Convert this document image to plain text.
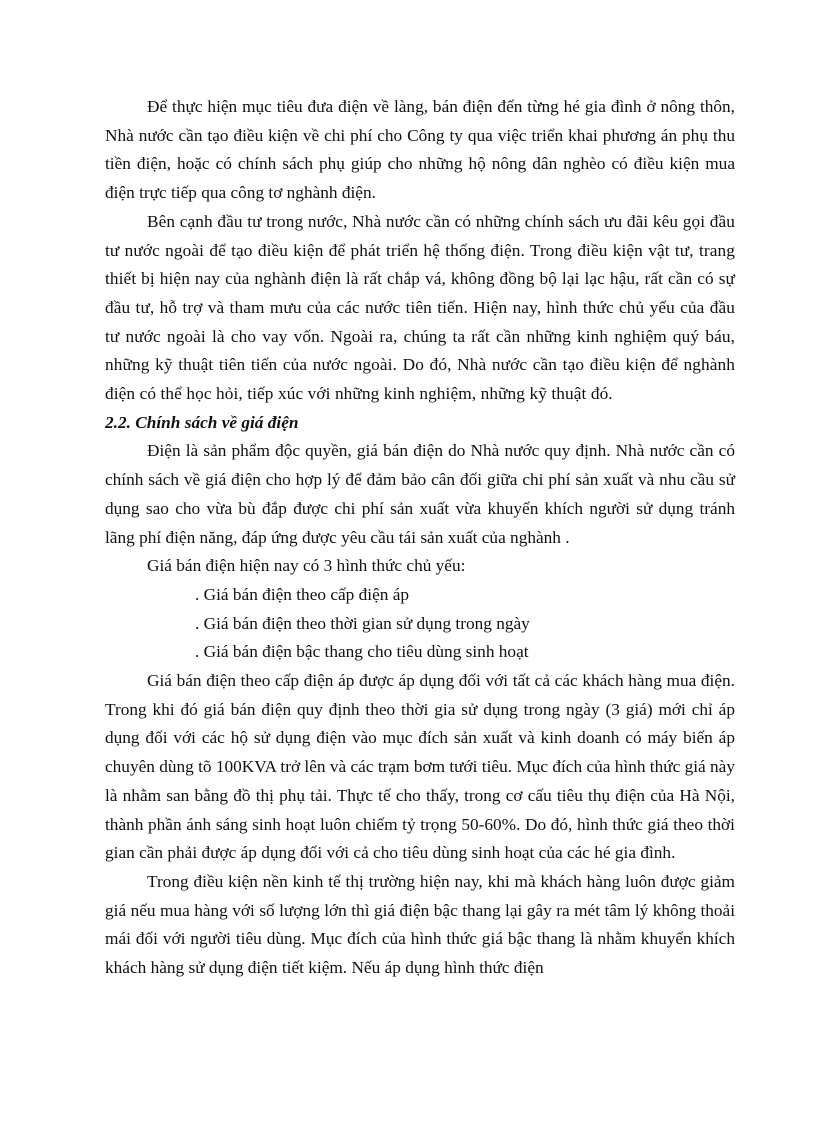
Để thực hiện mục tiêu đưa điện về làng, bán điện đến từng hé gia đình ở nông thôn, Nhà nước cần tạo điều kiện về chi phí cho Công ty qua việc triển khai phương án phụ thu tiền điện, hoặc có chính sách phụ giúp cho những hộ nông dân nghèo có điều kiện mua điện trực tiếp qua công tơ nghành điện.

Bên cạnh đầu tư trong nước, Nhà nước cần có những chính sách ưu đãi kêu gọi đầu tư nước ngoài để tạo điều kiện để phát triển hệ thống điện. Trong điều kiện vật tư, trang thiết bị hiện nay của nghành điện là rất chắp vá, không đồng bộ lại lạc hậu, rất cần có sự đầu tư, hỗ trợ và tham mưu của các nước tiên tiến. Hiện nay, hình thức chủ yếu của đầu tư nước ngoài là cho vay vốn. Ngoài ra, chúng ta rất cần những kinh nghiệm quý báu, những kỹ thuật tiên tiến của nước ngoài. Do đó, Nhà nước cần tạo điều kiện để nghành điện có thể học hỏi, tiếp xúc với những kinh nghiệm, những kỹ thuật đó.

2.2. Chính sách về giá điện

Điện là sản phẩm độc quyền, giá bán điện do Nhà nước quy định. Nhà nước cần có chính sách về giá điện cho hợp lý để đảm bảo cân đối giữa chi phí sản xuất và nhu cầu sử dụng sao cho vừa bù đắp được chi phí sản xuất vừa khuyến khích người sử dụng tránh lãng phí điện năng, đáp ứng được yêu cầu tái sản xuất của nghành .

Giá bán điện hiện nay có 3 hình thức chủ yếu:

. Giá bán điện theo cấp điện áp

. Giá bán điện theo thời gian sử dụng trong ngày

. Giá bán điện bậc thang cho tiêu dùng sinh hoạt

Giá bán điện theo cấp điện áp được áp dụng đối với tất cả các khách hàng mua điện. Trong khi đó giá bán điện quy định theo thời gia sử dụng trong ngày (3 giá) mới chỉ áp dụng đối với các hộ sử dụng điện vào mục đích sản xuất và kinh doanh có máy biến áp chuyên dùng tõ 100KVA trở lên và các trạm bơm tưới tiêu. Mục đích của hình thức giá này là nhằm san bằng đồ thị phụ tải. Thực tế cho thấy, trong cơ cấu tiêu thụ điện của Hà Nội, thành phần ánh sáng sinh hoạt luôn chiếm tỷ trọng 50-60%. Do đó, hình thức giá theo thời gian cần phải được áp dụng đối với cả cho tiêu dùng sinh hoạt của các hé gia đình.

Trong điều kiện nền kinh tế thị trường hiện nay, khi mà khách hàng luôn được giảm giá nếu mua hàng với số lượng lớn thì giá điện bậc thang lại gây ra mét tâm lý không thoải mái đối với người tiêu dùng. Mục đích của hình thức giá bậc thang là nhằm khuyến khích khách hàng sử dụng điện tiết kiệm. Nếu áp dụng hình thức điện
